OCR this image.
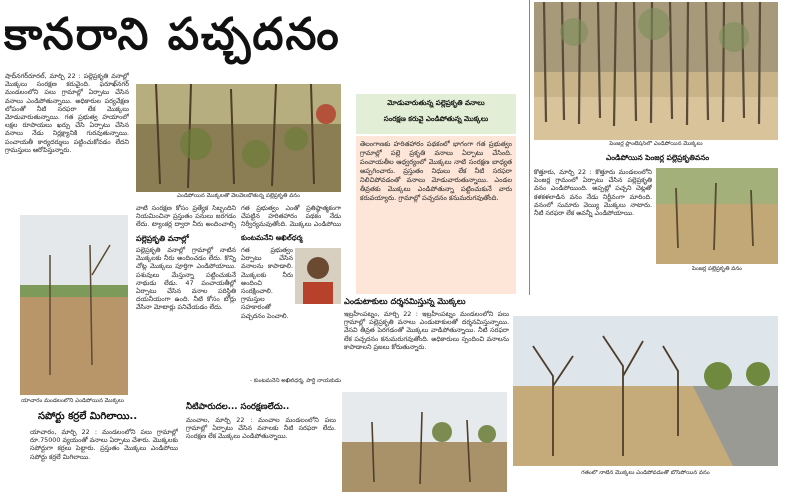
కానరాని పచ్చదనం
పెంజర్ల ప్లాంటేషన్‌లో ఎండిపోయిన మొక్కలు
షాద్‌నగర్‌రూరల్‌, మార్చి 22 : పల్లెప్రకృతి వనాల్లో మొక్కలు సంరక్షణ కరువైంది. ఫరూఖ్‌నగర్‌ మండలంలోని పలు గ్రామాల్లో ఏర్పాటు చేసిన వనాలు ఎండిపోతున్నాయి. అధికారుల పర్యవేక్షణ లోపంతో నీటి సరఫరా లేక మొక్కలు మోడువారుతున్నాయి. గత ప్రభుత్వ హయాంలో లక్షల రూపాయలు ఖర్చు చేసి ఏర్పాటు చేసిన వనాలు నేడు నిర్లక్ష్యానికి గురవుతున్నాయి. పంచాయతీ కార్యదర్శులు పట్టించుకోవడం లేదని గ్రామస్తులు ఆరోపిస్తున్నారు.
ఎండిపోయిన మొక్కలతో వెలవెలబోతున్న పల్లెప్రకృతి వనం
మోడువారుతున్న పల్లెప్రకృతి వనాలు
సంరక్షణ కరువై ఎండిపోతున్న మొక్కలు
తెలంగాణకు హరితహారం పథకంలో భాగంగా గత ప్రభుత్వం గ్రామాల్లో పల్లె ప్రకృతి వనాలు ఏర్పాటు చేసింది. పంచాయతీల ఆధ్వర్యంలో మొక్కలు నాటి సంరక్షణ బాధ్యత అప్పగించారు. ప్రస్తుతం నిధులు లేక నీటి సరఫరా నిలిచిపోవడంతో వనాలు మోడువారుతున్నాయి. ఎండల తీవ్రతకు మొక్కలు ఎండిపోతున్నా పట్టించుకునే వారు కరువయ్యారు. గ్రామాల్లో పచ్చదనం కనుమరుగవుతోంది.
వాటి సంరక్షణ కోసం ప్రత్యేక సిబ్బందిని నియమించినా ప్రస్తుతం పనులు జరగడం లేదు. ట్యాంకర్ల ద్వారా నీరు అందించాల్సి
గత ప్రభుత్వం ఎంతో ప్రతిష్ఠాత్మకంగా చేపట్టిన హరితహారం పథకం నేడు నిర్వీర్యమవుతోంది. మొక్కలు ఎండిపోయి
యాచారం మండలంలోని ఎండిపోయిన మొక్కలు
పల్లెప్రకృతి వనాల్లో
పల్లెప్రకృతి వనాల్లో గ్రామాల్లో నాటిన మొక్కలకు నీరు అందించడం లేదు. కొన్ని చోట్ల మొక్కలు పూర్తిగా ఎండిపోయాయి. పశువులు మేస్తున్నా పట్టించుకునే నాథుడు లేడు. 47 పంచాయతీల్లో ఏర్పాటు చేసిన వనాల పరిస్థితి దయనీయంగా ఉంది. నీటి కోసం బోర్లు వేసినా మోటార్లు పనిచేయడం లేదు.
కుంటమనేని అఖిల్‌ధర్మ
గత ప్రభుత్వం ఏర్పాటు చేసిన వనాలను కాపాడాలి. మొక్కలకు నీరు అందించి సంరక్షించాలి. గ్రామస్తుల సహకారంతో పచ్చదనం పెంచాలి.
- కుంటమనేని అఖిల్‌ధర్మ, పార్టీ నాయకుడు
ఎండుటాకులు దర్శనమిస్తున్న మొక్కలు
ఇబ్రహీంపట్నం, మార్చి 22 : ఇబ్రహీంపట్నం మండలంలోని పలు గ్రామాల్లో పల్లెప్రకృతి వనాలు ఎండుటాకులతో దర్శనమిస్తున్నాయి. వేసవి తీవ్రత పెరగడంతో మొక్కలు వాడిపోతున్నాయి. నీటి సరఫరా లేక పచ్చదనం కనుమరుగవుతోంది. అధికారులు స్పందించి వనాలను కాపాడాలని ప్రజలు కోరుతున్నారు.
ఎండిపోయిన పెంజర్ల పల్లెప్రకృతివనం
కొత్తూరు, మార్చి 22 : కొత్తూరు మండలంలోని పెంజర్ల గ్రామంలో ఏర్పాటు చేసిన పల్లెప్రకృతి వనం ఎండిపోయింది. అప్పట్లో పచ్చని చెట్లతో కళకళలాడిన వనం నేడు నిర్జీవంగా మారింది. వనంలో సుమారు వెయ్యి మొక్కలు నాటారు. నీటి సరఫరా లేక అవన్నీ ఎండిపోయాయి.
పెంజర్ల పల్లెప్రకృతి వనం
గతంలో నాటిన మొక్కలు ఎండిపోవడంతో బోసిపోయిన వనం
సపోర్టు కర్రలే మిగిలాయి..
యాచారం, మార్చి 22 : మండలంలోని పలు గ్రామాల్లో రూ.75000 వ్యయంతో వనాలు ఏర్పాటు చేశారు. మొక్కలకు సపోర్టుగా కర్రలు పెట్టారు. ప్రస్తుతం మొక్కలు ఎండిపోయి సపోర్టు కర్రలే మిగిలాయి.
నీటిపారుదల... సంరక్షణలేదు..
మంచాల, మార్చి 22 : మంచాల మండలంలోని పలు గ్రామాల్లో ఏర్పాటు చేసిన వనాలకు నీటి సరఫరా లేదు. సంరక్షణ లేక మొక్కలు ఎండిపోతున్నాయి.
